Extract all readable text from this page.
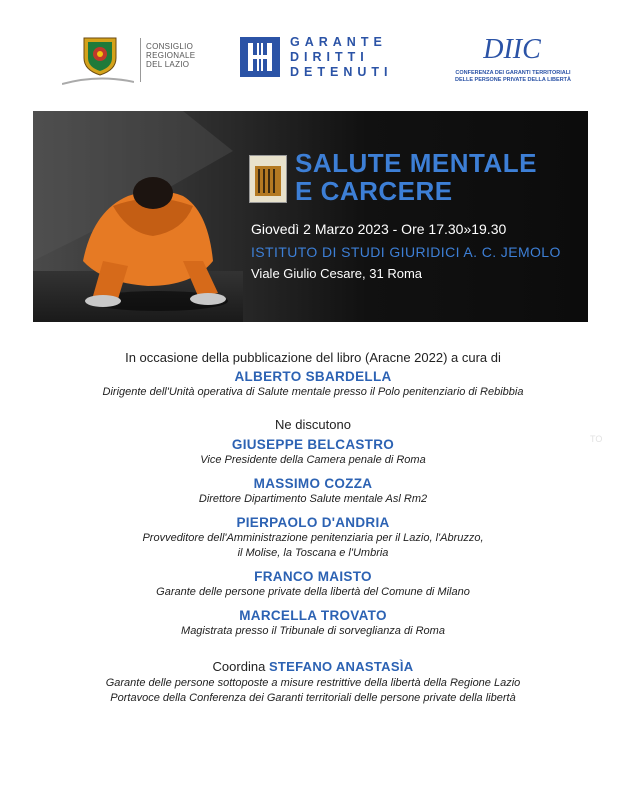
CONSIGLIO
REGIONALE
DEL LAZIO
GARANTE
DIRITTI
DETENUTI
DIIC
CONFERENZA DEI GARANTI TERRITORIALI
DELLE PERSONE PRIVATE DELLA LIBERTÀ
SALUTE MENTALE
E CARCERE
Giovedì 2 Marzo 2023 - Ore 17.30»19.30
ISTITUTO DI STUDI GIURIDICI A. C. JEMOLO
Viale Giulio Cesare, 31 Roma
In occasione della pubblicazione del libro (Aracne 2022) a cura di
ALBERTO SBARDELLA
Dirigente dell'Unità operativa di Salute mentale presso il Polo penitenziario di Rebibbia
Ne discutono
GIUSEPPE BELCASTRO
Vice Presidente della Camera penale di Roma
MASSIMO COZZA
Direttore Dipartimento Salute mentale Asl Rm2
PIERPAOLO D'ANDRIA
Provveditore dell'Amministrazione penitenziaria per il Lazio, l'Abruzzo,
il Molise, la Toscana e l'Umbria
FRANCO MAISTO
Garante delle persone private della libertà del Comune di Milano
MARCELLA TROVATO
Magistrata presso il Tribunale di sorveglianza di Roma
Coordina STEFANO ANASTASÌA
Garante delle persone sottoposte a misure restrittive della libertà della Regione Lazio
Portavoce della Conferenza dei Garanti territoriali delle persone private della libertà
TO
